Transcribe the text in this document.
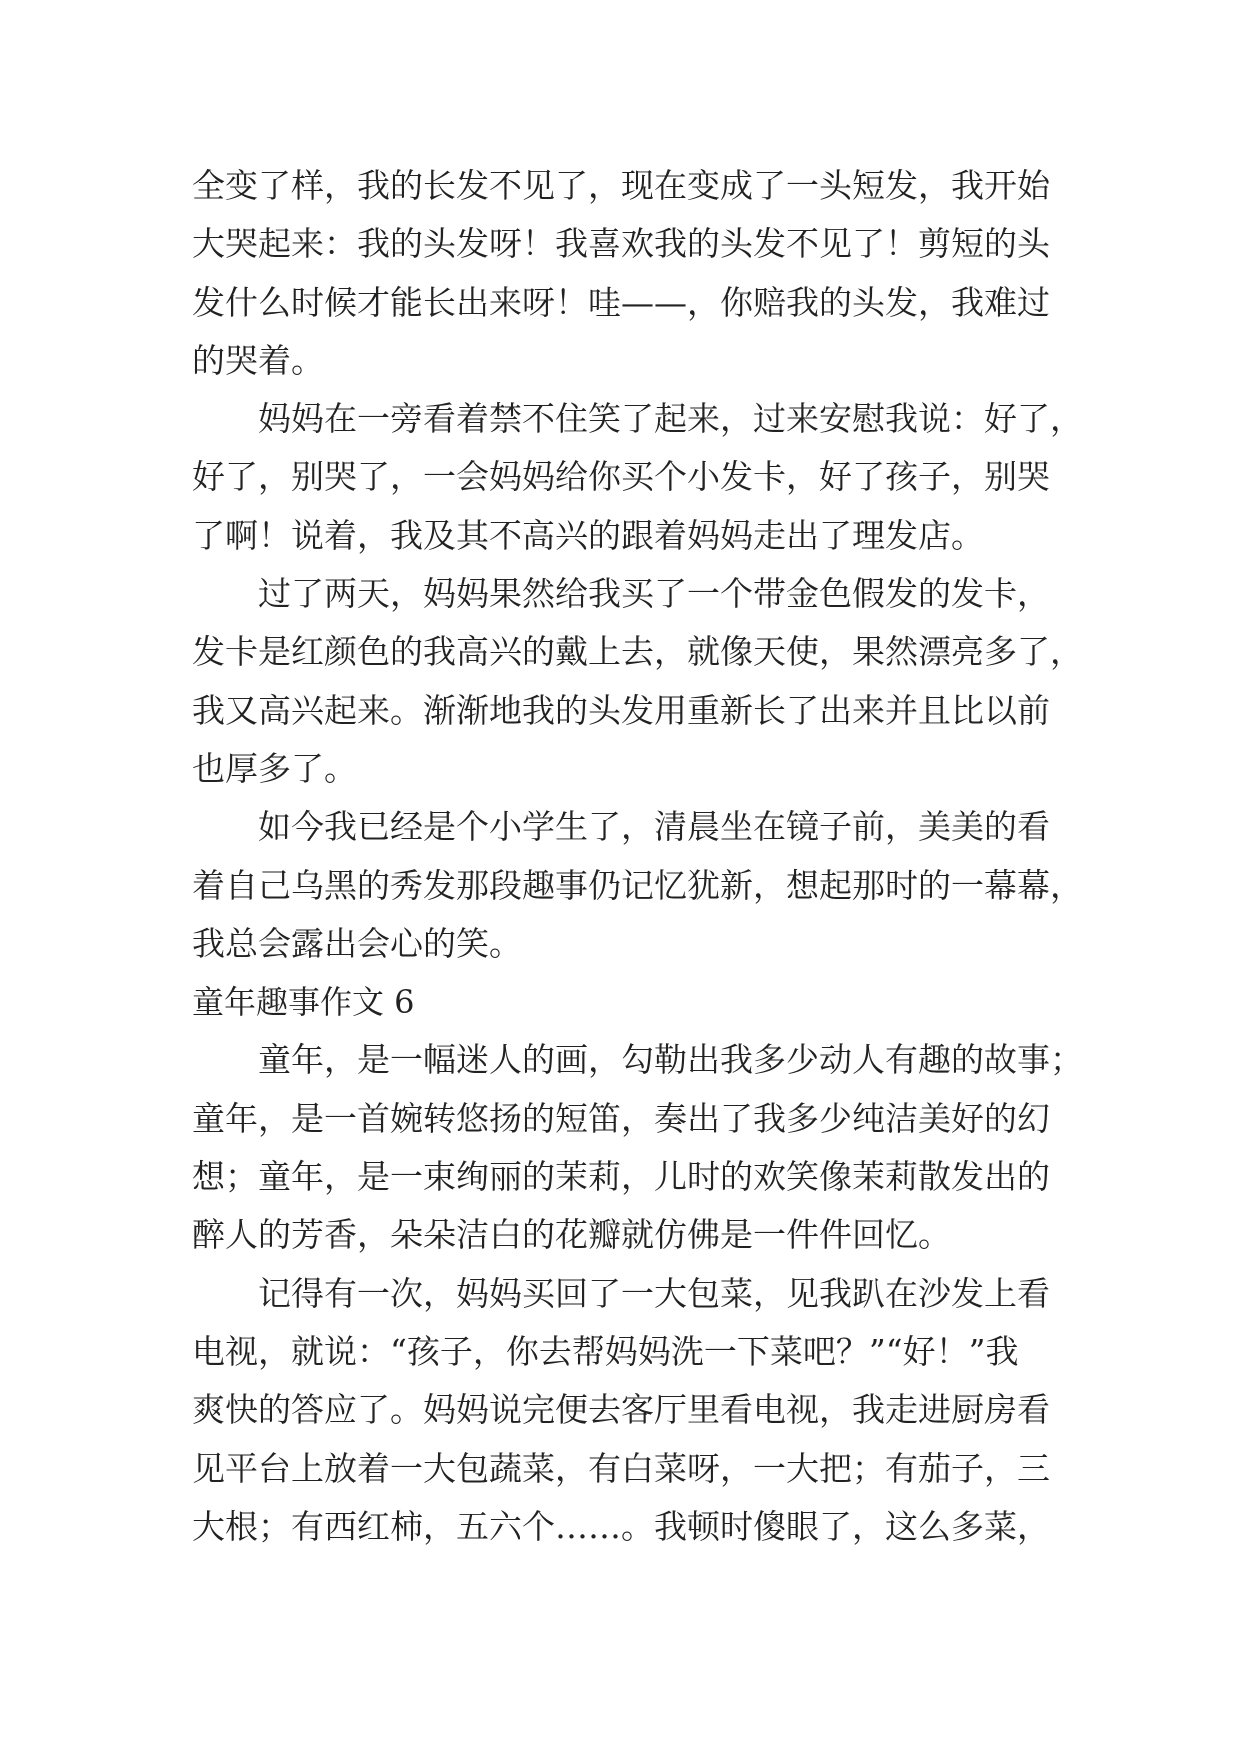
全变了样，我的长发不见了，现在变成了一头短发，我开始
大哭起来：我的头发呀！我喜欢我的头发不见了！剪短的头
发什么时候才能长出来呀！哇——，你赔我的头发，我难过
的哭着。
妈妈在一旁看着禁不住笑了起来，过来安慰我说：好了，
好了，别哭了，一会妈妈给你买个小发卡，好了孩子，别哭
了啊！说着，我及其不高兴的跟着妈妈走出了理发店。
过了两天，妈妈果然给我买了一个带金色假发的发卡，
发卡是红颜色的我高兴的戴上去，就像天使，果然漂亮多了，
我又高兴起来。渐渐地我的头发用重新长了出来并且比以前
也厚多了。
如今我已经是个小学生了，清晨坐在镜子前，美美的看
着自己乌黑的秀发那段趣事仍记忆犹新，想起那时的一幕幕，
我总会露出会心的笑。
童年趣事作文 6
童年，是一幅迷人的画，勾勒出我多少动人有趣的故事；
童年，是一首婉转悠扬的短笛，奏出了我多少纯洁美好的幻
想；童年，是一束绚丽的茉莉，儿时的欢笑像茉莉散发出的
醉人的芳香，朵朵洁白的花瓣就仿佛是一件件回忆。
记得有一次，妈妈买回了一大包菜，见我趴在沙发上看
电视，就说：“孩子，你去帮妈妈洗一下菜吧？”“好！”我
爽快的答应了。妈妈说完便去客厅里看电视，我走进厨房看
见平台上放着一大包蔬菜，有白菜呀，一大把；有茄子，三
大根；有西红柿，五六个……。我顿时傻眼了，这么多菜，
